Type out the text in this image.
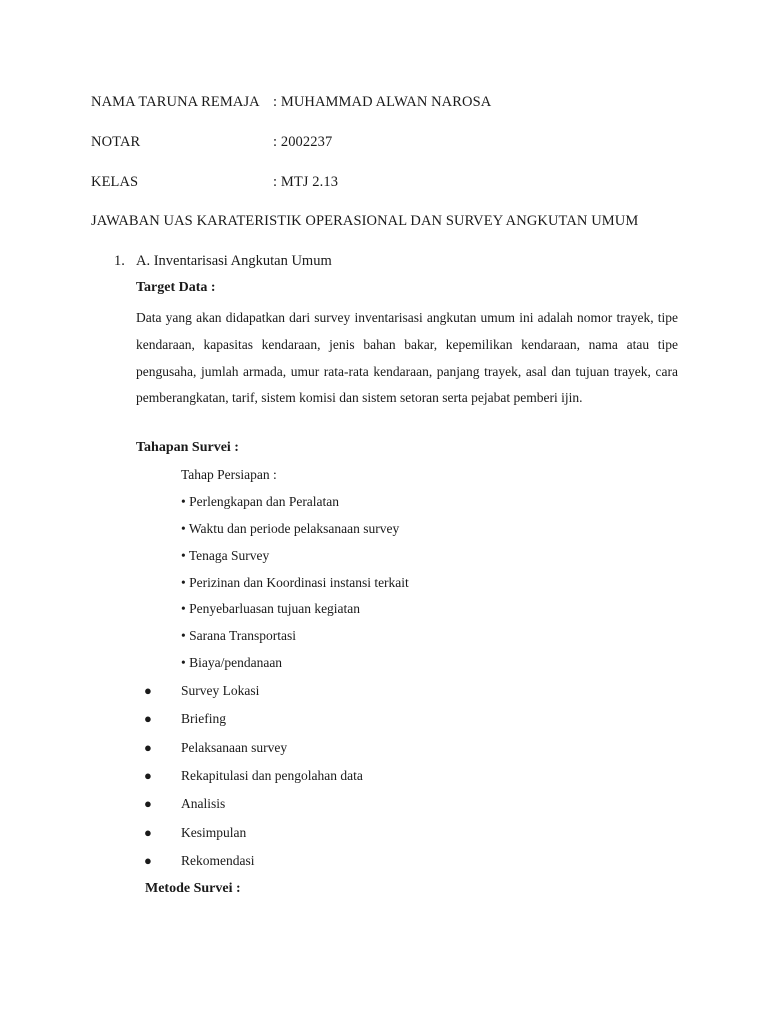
NAMA TARUNA REMAJA : MUHAMMAD ALWAN NAROSA
NOTAR	: 2002237
KELAS	: MTJ 2.13
JAWABAN UAS KARATERISTIK OPERASIONAL DAN SURVEY ANGKUTAN UMUM
1. A. Inventarisasi Angkutan Umum
Target Data :
Data yang akan didapatkan dari survey inventarisasi angkutan umum ini adalah nomor trayek, tipe kendaraan, kapasitas kendaraan, jenis bahan bakar, kepemilikan kendaraan, nama atau tipe pengusaha, jumlah armada, umur rata-rata kendaraan, panjang trayek, asal dan tujuan trayek, cara pemberangkatan, tarif, sistem komisi dan sistem setoran serta pejabat pemberi ijin.
Tahapan Survei :
Tahap Persiapan :
• Perlengkapan dan Peralatan
• Waktu dan periode pelaksanaan survey
• Tenaga Survey
• Perizinan dan Koordinasi instansi terkait
• Penyebarluasan tujuan kegiatan
• Sarana Transportasi
• Biaya/pendanaan
● Survey Lokasi
● Briefing
● Pelaksanaan survey
● Rekapitulasi dan pengolahan data
● Analisis
● Kesimpulan
● Rekomendasi
Metode Survei :
